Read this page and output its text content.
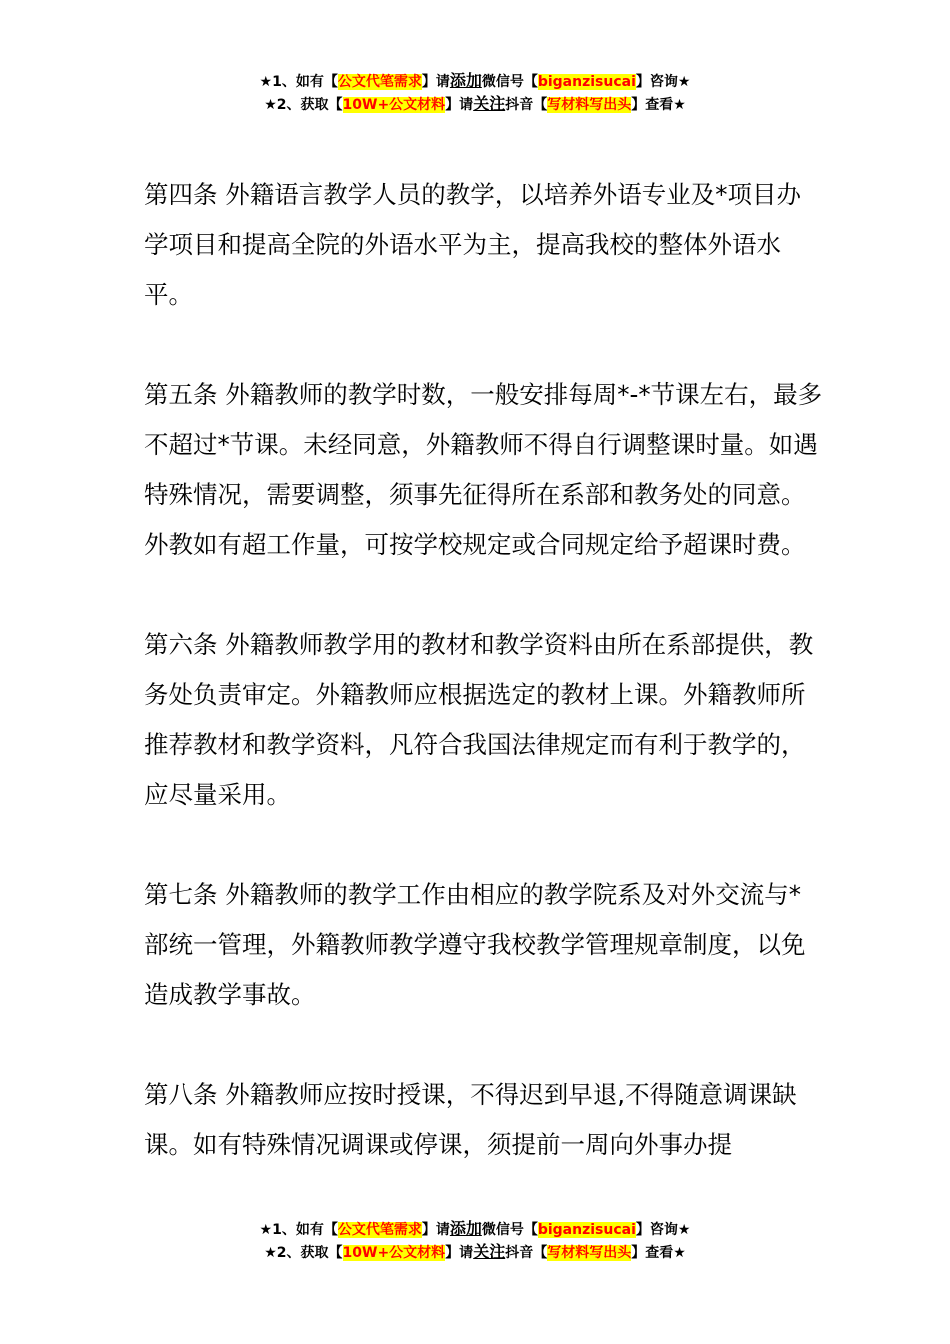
★1、如有【公文代笔需求】请添加微信号【biganzisucai】咨询★
★2、获取【10W+公文材料】请关注抖音【写材料写出头】查看★

第四条 外籍语言教学人员的教学，以培养外语专业及*项目办学项目和提高全院的外语水平为主，提高我校的整体外语水平。

第五条 外籍教师的教学时数，一般安排每周*-*节课左右，最多不超过*节课。未经同意，外籍教师不得自行调整课时量。如遇特殊情况，需要调整，须事先征得所在系部和教务处的同意。外教如有超工作量，可按学校规定或合同规定给予超课时费。

第六条 外籍教师教学用的教材和教学资料由所在系部提供，教务处负责审定。外籍教师应根据选定的教材上课。外籍教师所推荐教材和教学资料，凡符合我国法律规定而有利于教学的，应尽量采用。

第七条 外籍教师的教学工作由相应的教学院系及对外交流与*部统一管理，外籍教师教学遵守我校教学管理规章制度，以免造成教学事故。

第八条 外籍教师应按时授课，不得迟到早退,不得随意调课缺课。如有特殊情况调课或停课，须提前一周向外事办提

★1、如有【公文代笔需求】请添加微信号【biganzisucai】咨询★
★2、获取【10W+公文材料】请关注抖音【写材料写出头】查看★
